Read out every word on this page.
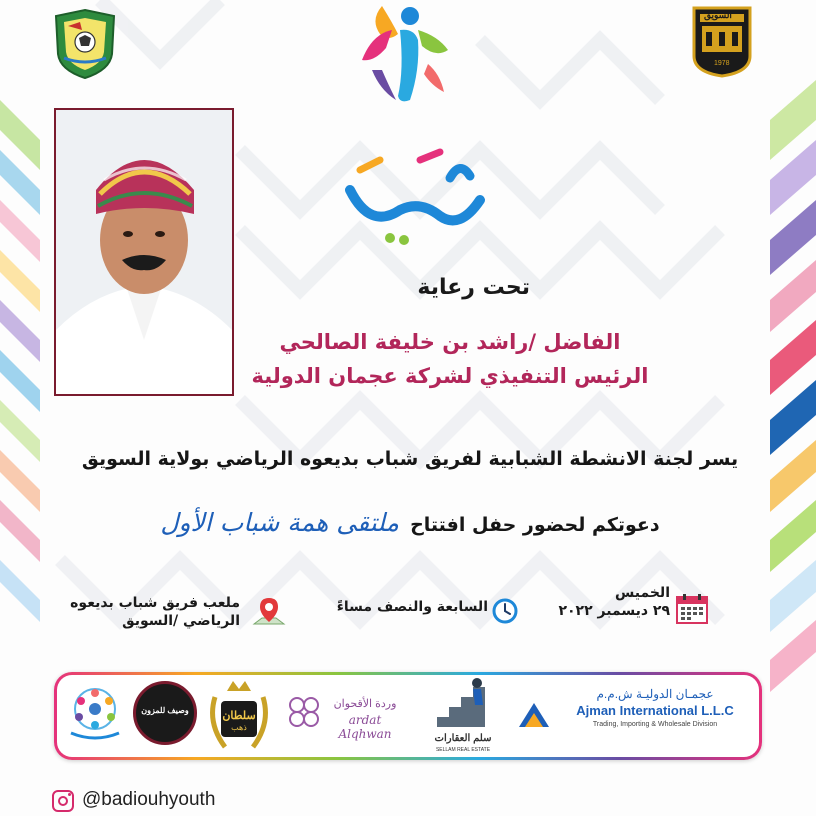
السويق
1978
تحت رعاية
الفاضل /راشد بن خليفة الصالحي
الرئيس التنفيذي لشركة عجمان الدولية
يسر لجنة الانشطة الشبابية لفريق شباب بديعوه الرياضي بولاية السويق
دعوتكم لحضور حفل افتتاح ملتقى همة شباب الأول
الخميس
٢٩ ديسمبر ٢٠٢٢
السابعة والنصف مساءً
ملعب فريق شباب بديعوه
الرياضي /السويق
عجمـان الدوليـة ش.م.م
Ajman International L.L.C
Trading, Importing & Wholesale Division
سلم العقارات
SELLAM REAL ESTATE
وردة الأقحوان
ardat Alqhwan
سلطان
ذهب
وصيف للمزون
@badiouhyouth
